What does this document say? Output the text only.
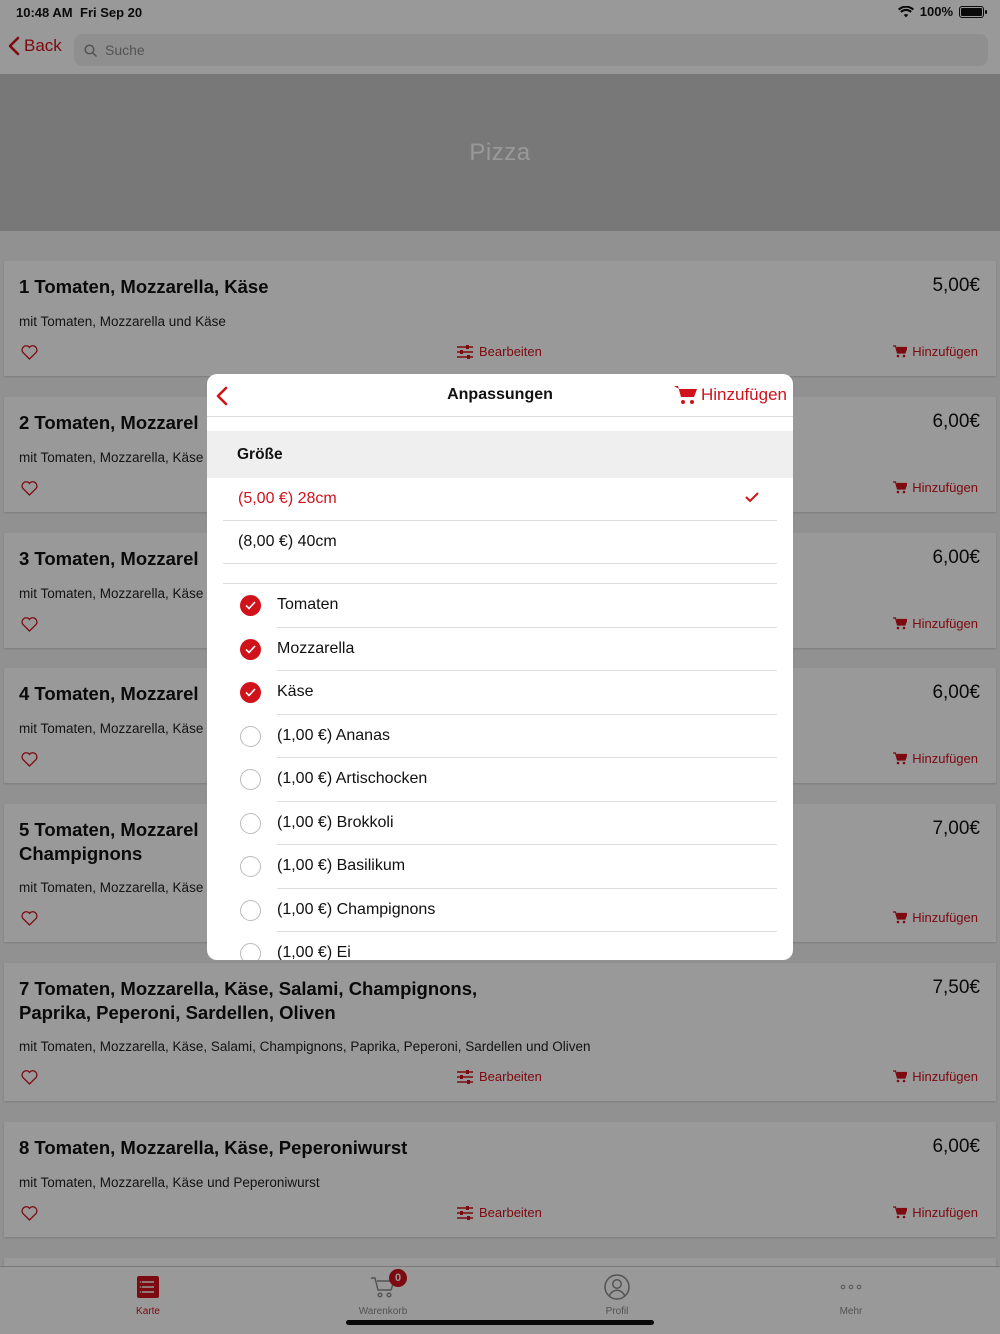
10:48 AM Fri Sep 20	100%
Back	Suche
Pizza
1 Tomaten, Mozzarella, Käse	5,00€
mit Tomaten, Mozzarella und Käse
Bearbeiten	Hinzufügen
2 Tomaten, Mozzarel	6,00€
mit Tomaten, Mozzarella, Käse
Hinzufügen
3 Tomaten, Mozzarel	6,00€
mit Tomaten, Mozzarella, Käse
Hinzufügen
4 Tomaten, Mozzarel	6,00€
mit Tomaten, Mozzarella, Käse
Hinzufügen
5 Tomaten, Mozzarel
Champignons
7,00€
mit Tomaten, Mozzarella, Käse
Hinzufügen
7 Tomaten, Mozzarella, Käse, Salami, Champignons,
Paprika, Peperoni, Sardellen, Oliven
7,50€
mit Tomaten, Mozzarella, Käse, Salami, Champignons, Paprika, Peperoni, Sardellen und Oliven
Bearbeiten	Hinzufügen
8 Tomaten, Mozzarella, Käse, Peperoniwurst	6,00€
mit Tomaten, Mozzarella, Käse und Peperoniwurst
Bearbeiten	Hinzufügen
Karte
0
Warenkorb	Profil	Mehr
Anpassungen	Hinzufügen
Größe
(5,00 €) 28cm
(8,00 €) 40cm
Tomaten
Mozzarella
Käse
(1,00 €) Ananas
(1,00 €) Artischocken
(1,00 €) Brokkoli
(1,00 €) Basilikum
(1,00 €) Champignons
(1,00 €) Ei
